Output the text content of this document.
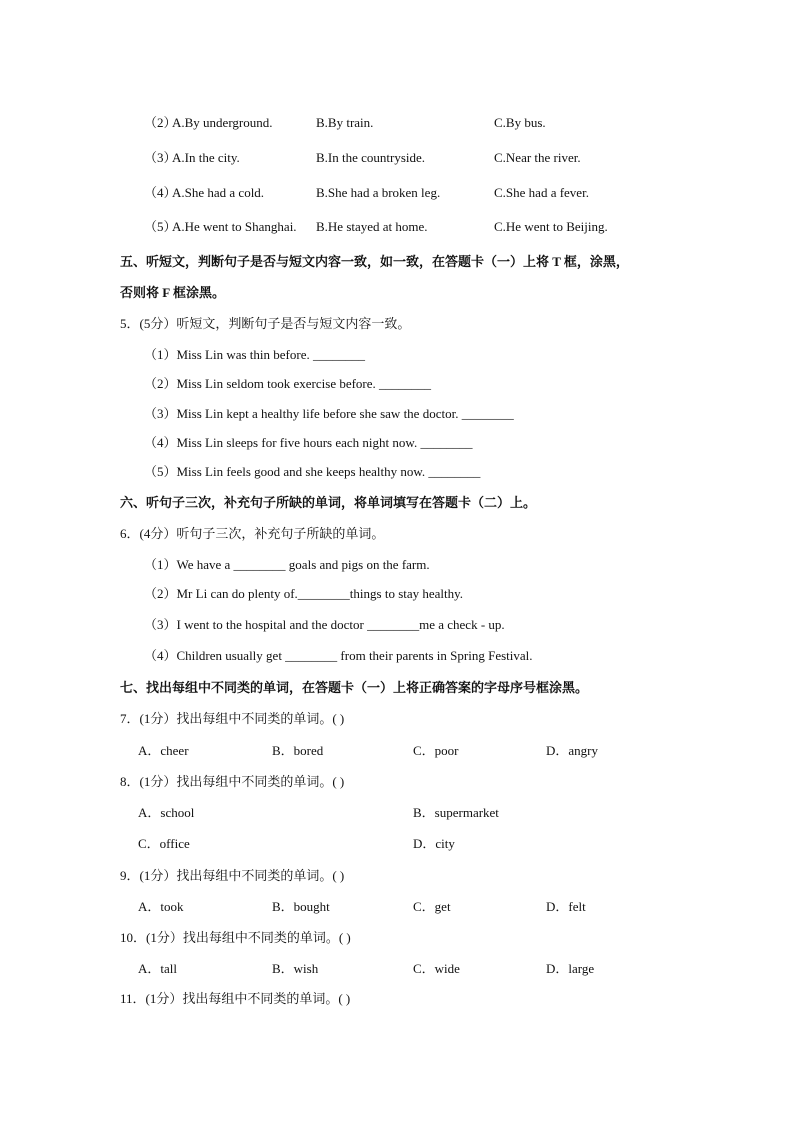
（2）
A.By underground.	B.By train.	C.By bus.
（3）
A.In the city.	B.In the countryside.	C.Near the river.
（4）
A.She had a cold.	B.She had a broken leg.	C.She had a fever.
（5）
A.He went to Shanghai. B.He stayed at home.	C.He went to Beijing.
五、听短文，判断句子是否与短文内容一致，如一致，在答题卡（一）上将 T 框，涂黑，
否则将 F 框涂黑。
5．(5分）听短文，判断句子是否与短文内容一致。
（1）Miss Lin was thin before. ________
（2）Miss Lin seldom took exercise before. ________
（3）Miss Lin kept a healthy life before she saw the doctor. ________
（4）Miss Lin sleeps for five hours each night now. ________
（5）Miss Lin feels good and she keeps healthy now. ________
六、听句子三次，补充句子所缺的单词，将单词填写在答题卡（二）上。
6．(4分）听句子三次，补充句子所缺的单词。
（1）We have a ________ goals and pigs on the farm.
（2）Mr Li can do plenty of.________things to stay healthy.
（3）I went to the hospital and the doctor ________me a check - up.
（4）Children usually get ________ from their parents in Spring Festival.
七、找出每组中不同类的单词，在答题卡（一）上将正确答案的字母序号框涂黑。
7．(1分）找出每组中不同类的单词。( )
A．cheer	B．bored	C．poor	D．angry
8．(1分）找出每组中不同类的单词。( )
A．school	B．supermarket
C．office	D．city
9．(1分）找出每组中不同类的单词。( )
A．took	B．bought	C．get	D．felt
10．(1分）找出每组中不同类的单词。( )
A．tall	B．wish	C．wide	D．large
11．(1分）找出每组中不同类的单词。( )
